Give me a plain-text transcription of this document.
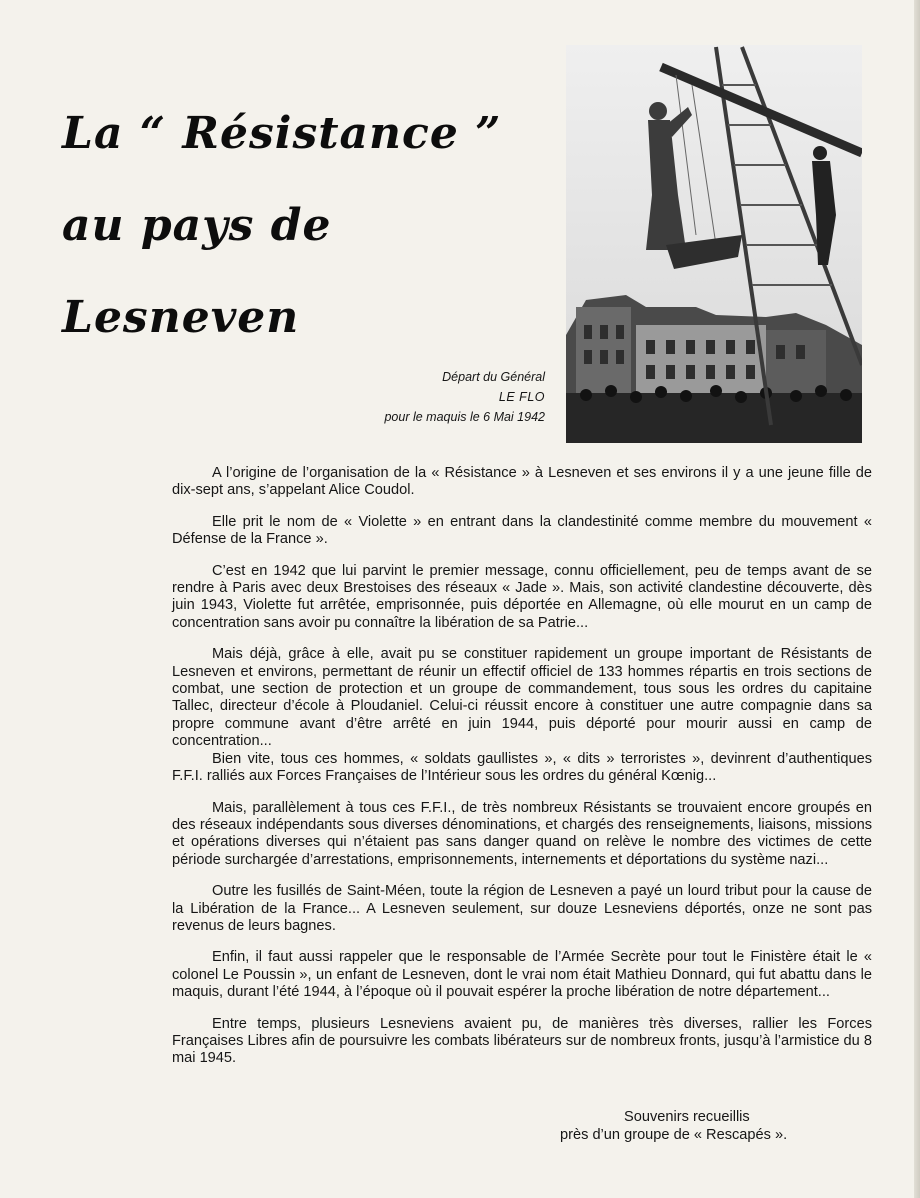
La “ Résistance ”
au pays de
Lesneven

Départ du Général
LE FLO
pour le maquis le 6 Mai 1942

A l’origine de l’organisation de la « Résistance » à Lesneven et ses environs il y a une jeune fille de dix-sept ans, s’appelant Alice Coudol.

Elle prit le nom de « Violette » en entrant dans la clandestinité comme membre du mouvement « Défense de la France ».

C’est en 1942 que lui parvint le premier message, connu officiellement, peu de temps avant de se rendre à Paris avec deux Brestoises des réseaux « Jade ». Mais, son activité clandestine découverte, dès juin 1943, Violette fut arrêtée, emprisonnée, puis déportée en Allemagne, où elle mourut en un camp de concentration sans avoir pu connaître la libération de sa Patrie...

Mais déjà, grâce à elle, avait pu se constituer rapidement un groupe important de Résistants de Lesneven et environs, permettant de réunir un effectif officiel de 133 hommes répartis en trois sections de combat, une section de protection et un groupe de commandement, tous sous les ordres du capitaine Tallec, directeur d’école à Ploudaniel. Celui-ci réussit encore à constituer une autre compagnie dans sa propre commune avant d’être arrêté en juin 1944, puis déporté pour mourir aussi en camp de concentration...

Bien vite, tous ces hommes, « soldats gaullistes », « dits » terroristes », devinrent d’authentiques F.F.I. ralliés aux Forces Françaises de l’Intérieur sous les ordres du général Kœnig...

Mais, parallèlement à tous ces F.F.I., de très nombreux Résistants se trouvaient encore groupés en des réseaux indépendants sous diverses dénominations, et chargés des renseignements, liaisons, missions et opérations diverses qui n’étaient pas sans danger quand on relève le nombre des victimes de cette période surchargée d’arrestations, emprisonnements, internements et déportations du système nazi...

Outre les fusillés de Saint-Méen, toute la région de Lesneven a payé un lourd tribut pour la cause de la Libération de la France... A Lesneven seulement, sur douze Lesneviens déportés, onze ne sont pas revenus de leurs bagnes.

Enfin, il faut aussi rappeler que le responsable de l’Armée Secrète pour tout le Finistère était le « colonel Le Poussin », un enfant de Lesneven, dont le vrai nom était Mathieu Donnard, qui fut abattu dans le maquis, durant l’été 1944, à l’époque où il pouvait espérer la proche libération de notre département...

Entre temps, plusieurs Lesneviens avaient pu, de manières très diverses, rallier les Forces Françaises Libres afin de poursuivre les combats libérateurs sur de nombreux fronts, jusqu’à l’armistice du 8 mai 1945.

Souvenirs recueillis
près d’un groupe de « Rescapés ».
